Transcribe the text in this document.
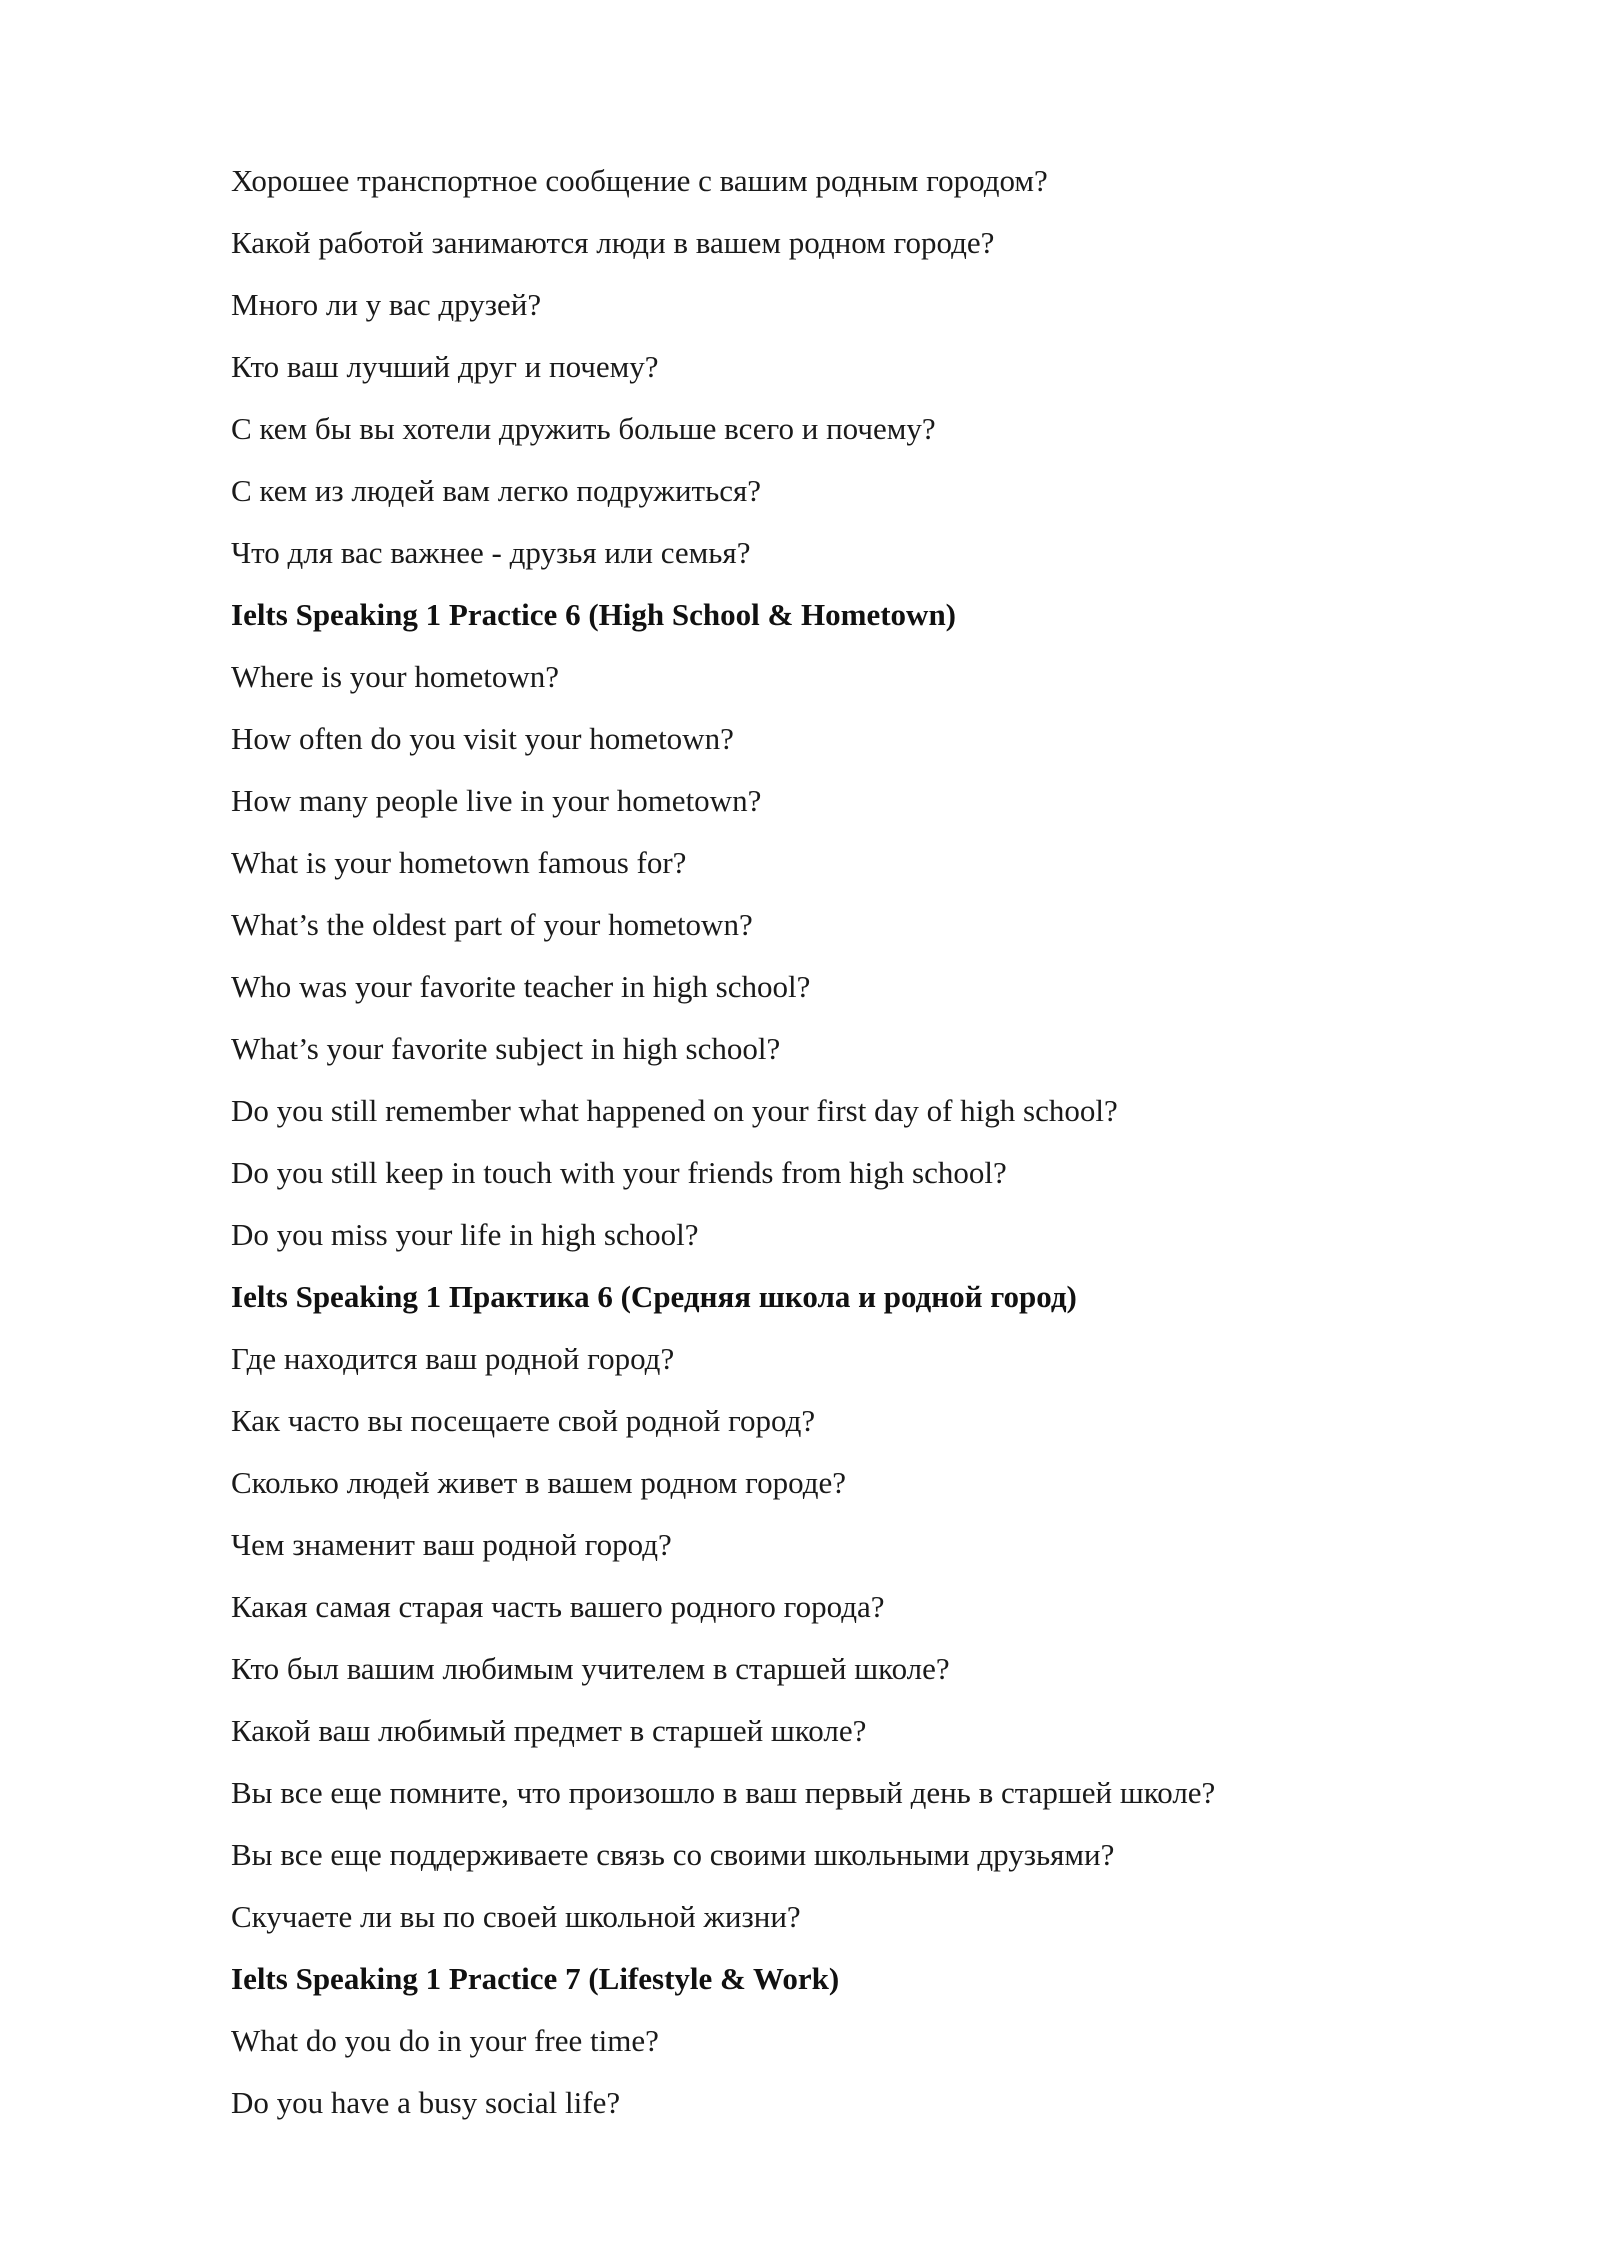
Хорошее транспортное сообщение с вашим родным городом?

Какой работой занимаются люди в вашем родном городе?

Много ли у вас друзей?

Кто ваш лучший друг и почему?

С кем бы вы хотели дружить больше всего и почему?

С кем из людей вам легко подружиться?

Что для вас важнее - друзья или семья?

Ielts Speaking 1 Practice 6 (High School & Hometown)

Where is your hometown?

How often do you visit your hometown?

How many people live in your hometown?

What is your hometown famous for?

What’s the oldest part of your hometown?

Who was your favorite teacher in high school?

What’s your favorite subject in high school?

Do you still remember what happened on your first day of high school?

Do you still keep in touch with your friends from high school?

Do you miss your life in high school?

Ielts Speaking 1 Практика 6 (Средняя школа и родной город)

Где находится ваш родной город?

Как часто вы посещаете свой родной город?

Сколько людей живет в вашем родном городе?

Чем знаменит ваш родной город?

Какая самая старая часть вашего родного города?

Кто был вашим любимым учителем в старшей школе?

Какой ваш любимый предмет в старшей школе?

Вы все еще помните, что произошло в ваш первый день в старшей школе?

Вы все еще поддерживаете связь со своими школьными друзьями?

Скучаете ли вы по своей школьной жизни?

Ielts Speaking 1 Practice 7 (Lifestyle & Work)

What do you do in your free time?

Do you have a busy social life?
